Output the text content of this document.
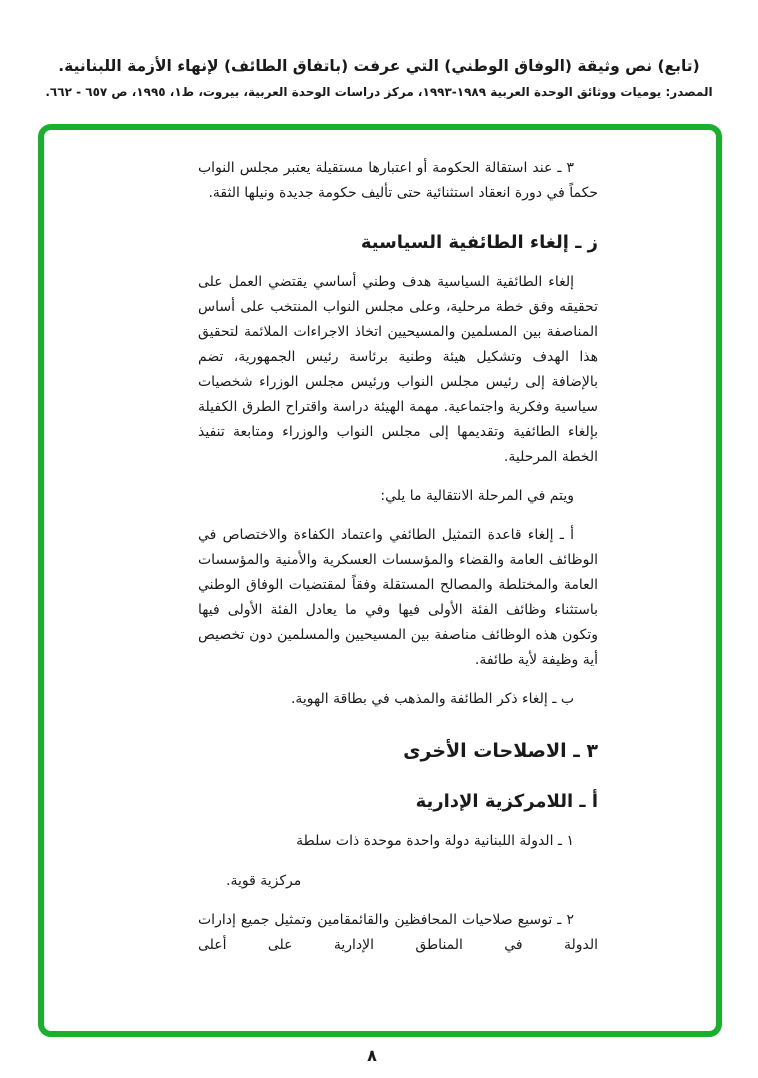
(تابع) نص وثيقة (الوفاق الوطني) التي عرفت (باتفاق الطائف) لإنهاء الأزمة اللبنانية.
المصدر: يوميات ووثائق الوحدة العربية ١٩٨٩-١٩٩٣، مركز دراسات الوحدة العربية، بيروت، ط١، ١٩٩٥، ص ٦٥٧ - ٦٦٢.

٣ ـ عند استقالة الحكومة أو اعتبارها مستقيلة يعتبر مجلس النواب حكماً في دورة انعقاد استثنائية حتى تأليف حكومة جديدة ونيلها الثقة.

ز ـ إلغاء الطائفية السياسية

إلغاء الطائفية السياسية هدف وطني أساسي يقتضي العمل على تحقيقه وفق خطة مرحلية، وعلى مجلس النواب المنتخب على أساس المناصفة بين المسلمين والمسيحيين اتخاذ الاجراءات الملائمة لتحقيق هذا الهدف وتشكيل هيئة وطنية برئاسة رئيس الجمهورية، تضم بالإضافة إلى رئيس مجلس النواب ورئيس مجلس الوزراء شخصيات سياسية وفكرية واجتماعية. مهمة الهيئة دراسة واقتراح الطرق الكفيلة بإلغاء الطائفية وتقديمها إلى مجلس النواب والوزراء ومتابعة تنفيذ الخطة المرحلية.

ويتم في المرحلة الانتقالية ما يلي:

أ ـ إلغاء قاعدة التمثيل الطائفي واعتماد الكفاءة والاختصاص في الوظائف العامة والقضاء والمؤسسات العسكرية والأمنية والمؤسسات العامة والمختلطة والمصالح المستقلة وفقاً لمقتضيات الوفاق الوطني باستثناء وظائف الفئة الأولى فيها وفي ما يعادل الفئة الأولى فيها وتكون هذه الوظائف مناصفة بين المسيحيين والمسلمين دون تخصيص أية وظيفة لأية طائفة.

ب ـ إلغاء ذكر الطائفة والمذهب في بطاقة الهوية.

٣ ـ الاصلاحات الأخرى
أ ـ اللامركزية الإدارية

١ ـ الدولة اللبنانية دولة واحدة موحدة ذات سلطة

مركزية قوية.

٢ ـ توسيع صلاحيات المحافظين والقائمقامين وتمثيل جميع إدارات الدولة في المناطق الإدارية على أعلى

٨
